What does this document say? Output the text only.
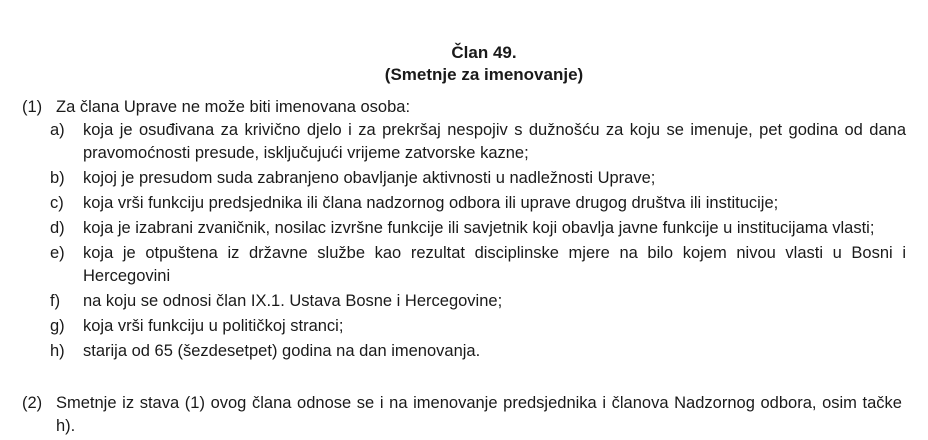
Član 49.
(Smetnje za imenovanje)
(1) Za člana Uprave ne može biti imenovana osoba:
a) koja je osuđivana za krivično djelo i za prekršaj nespojiv s dužnošću za koju se imenuje, pet godina od dana pravomoćnosti presude, isključujući vrijeme zatvorske kazne;
b) kojoj je presudom suda zabranjeno obavljanje aktivnosti u nadležnosti Uprave;
c) koja vrši funkciju predsjednika ili člana nadzornog odbora ili uprave drugog društva ili institucije;
d) koja je izabrani zvaničnik, nosilac izvršne funkcije ili savjetnik koji obavlja javne funkcije u institucijama vlasti;
e) koja je otpuštena iz državne službe kao rezultat disciplinske mjere na bilo kojem nivou vlasti u Bosni i Hercegovini
f) na koju se odnosi član IX.1. Ustava Bosne i Hercegovine;
g) koja vrši funkciju u političkoj stranci;
h) starija od 65 (šezdesetpet) godina na dan imenovanja.
(2) Smetnje iz stava (1) ovog člana odnose se i na imenovanje predsjednika i članova Nadzornog odbora, osim tačke h).
